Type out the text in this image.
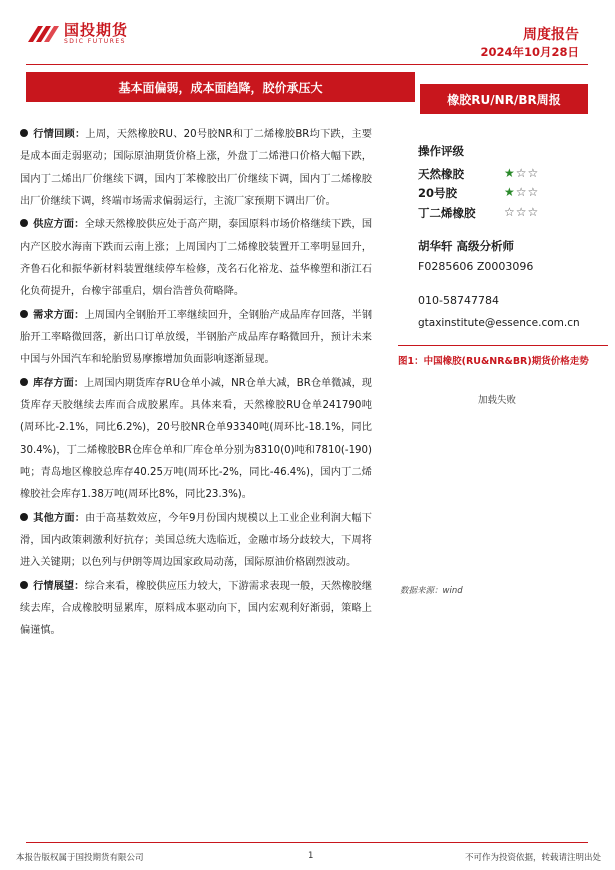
国投期货
SDIC FUTURES	周度报告
2024年10月28日
基本面偏弱，成本面趋降，胶价承压大
橡胶RU/NR/BR周报

行情回顾：上周，天然橡胶RU、20号胶NR和丁二烯橡胶BR均下跌，主要是成本面走弱驱动；国际原油期货价格上涨，外盘丁二烯港口价格大幅下跌，国内丁二烯出厂价继续下调，国内丁苯橡胶出厂价继续下调，国内丁二烯橡胶出厂价继续下调，终端市场需求偏弱运行，主流厂家预期下调出厂价。

供应方面：全球天然橡胶供应处于高产期，泰国原料市场价格继续下跌，国内产区胶水海南下跌而云南上涨；上周国内丁二烯橡胶装置开工率明显回升，齐鲁石化和振华新材料装置继续停车检修，茂名石化裕龙、益华橡塑和浙江石化负荷提升，台橡宇部重启，烟台浩普负荷略降。

需求方面：上周国内全钢胎开工率继续回升，全钢胎产成品库存回落，半钢胎开工率略微回落，新出口订单放缓，半钢胎产成品库存略微回升，预计未来中国与外国汽车和轮胎贸易摩擦增加负面影响逐渐显现。

库存方面：上周国内期货库存RU仓单小减，NR仓单大减，BR仓单微减，现货库存天胶继续去库而合成胶累库。具体来看，天然橡胶RU仓单241790吨(周环比-2.1%，同比6.2%)，20号胶NR仓单93340吨(周环比-18.1%，同比30.4%)，丁二烯橡胶BR仓库仓单和厂库仓单分别为8310(0)吨和7810(-190)吨；青岛地区橡胶总库存40.25万吨(周环比-2%，同比-46.4%)，国内丁二烯橡胶社会库存1.38万吨(周环比8%，同比23.3%)。

其他方面：由于高基数效应，今年9月份国内规模以上工业企业利润大幅下滑，国内政策刺激利好抗存；美国总统大选临近，金融市场分歧较大，下周将进入关键期；以色列与伊朗等周边国家政局动荡，国际原油价格剧烈波动。

行情展望：综合来看，橡胶供应压力较大，下游需求表现一般，天然橡胶继续去库，合成橡胶明显累库，原料成本驱动向下，国内宏观利好渐弱，策略上偏谨慎。

操作评级
天然橡胶	★☆☆
20号胶	★☆☆
丁二烯橡胶	☆☆☆
胡华轩 高级分析师
F0285606 Z0003096
010-58747784
gtaxinstitute@essence.com.cn
图1：中国橡胶(RU&NR&BR)期货价格走势
加载失败
数据来源：wind
本报告版权属于国投期货有限公司	1	不可作为投资依据，转载请注明出处
